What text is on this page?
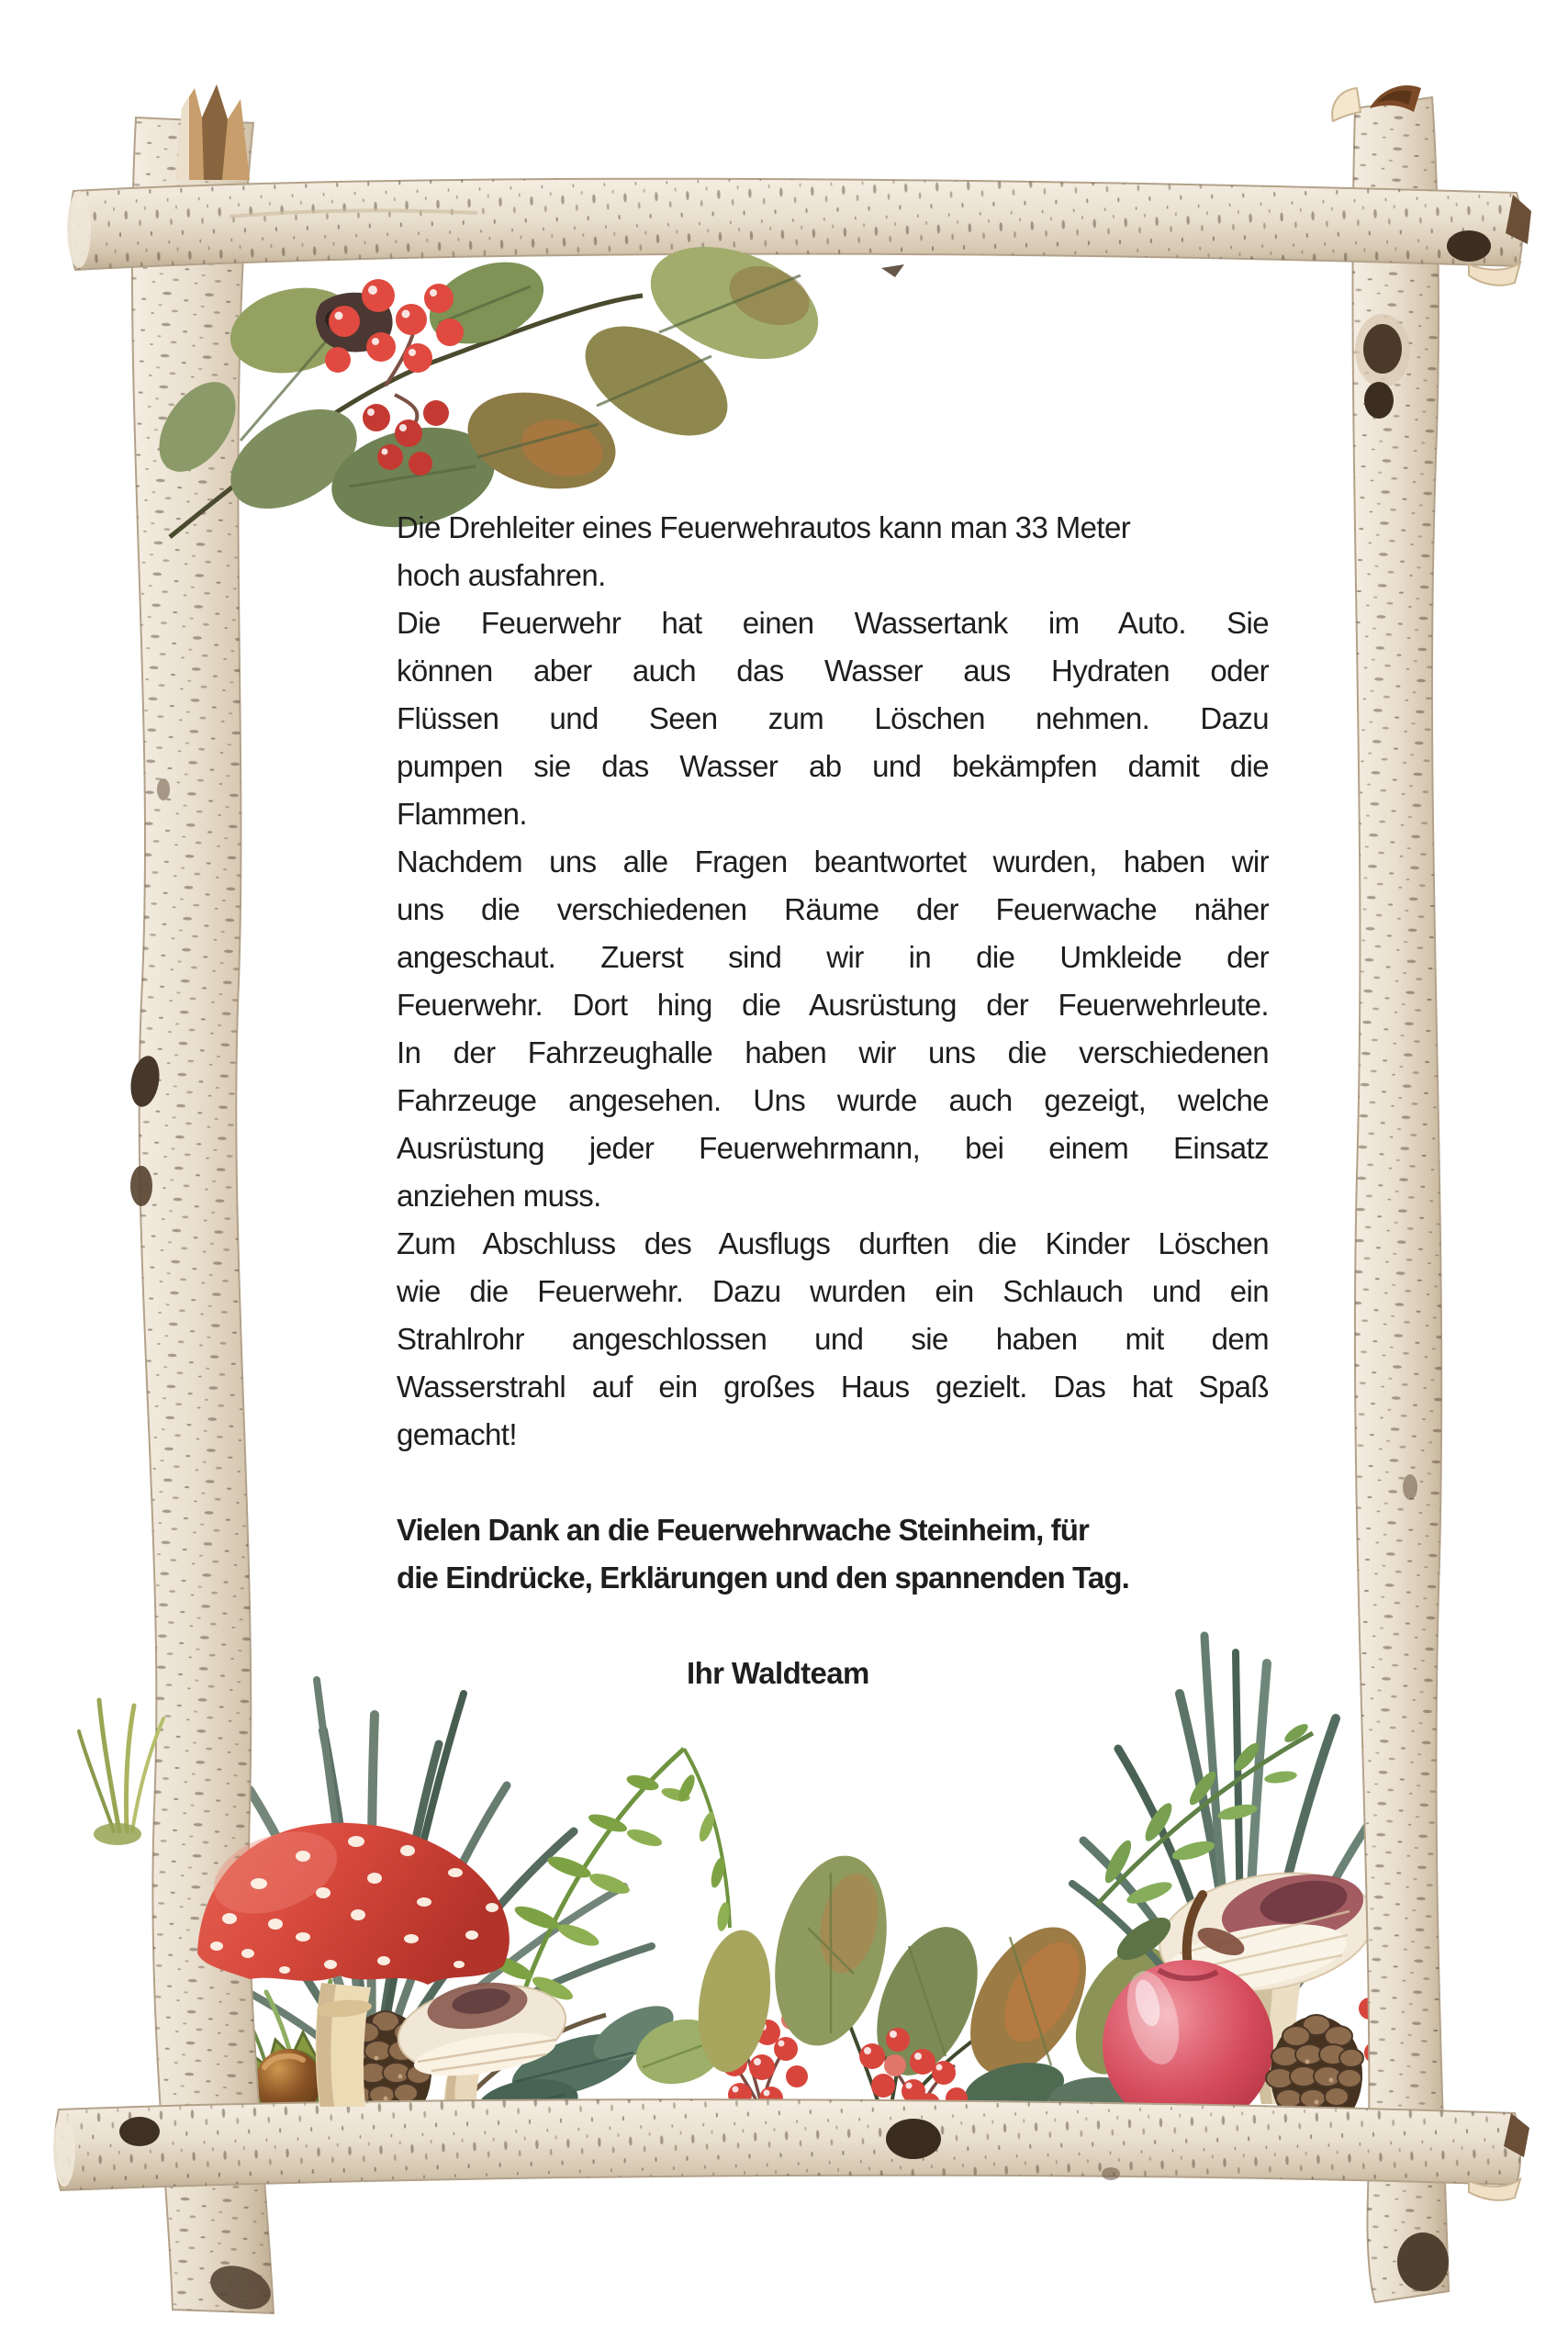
Die Drehleiter eines Feuerwehrautos kann man 33 Meter
hoch ausfahren.
Die Feuerwehr hat einen Wassertank im Auto. Sie
können aber auch das Wasser aus Hydraten oder
Flüssen und Seen zum Löschen nehmen. Dazu
pumpen sie das Wasser ab und bekämpfen damit die
Flammen.
Nachdem uns alle Fragen beantwortet wurden, haben wir
uns die verschiedenen Räume der Feuerwache näher
angeschaut. Zuerst sind wir in die Umkleide der
Feuerwehr. Dort hing die Ausrüstung der Feuerwehrleute.
In der Fahrzeughalle haben wir uns die verschiedenen
Fahrzeuge angesehen. Uns wurde auch gezeigt, welche
Ausrüstung jeder Feuerwehrmann, bei einem Einsatz
anziehen muss.
Zum Abschluss des Ausflugs durften die Kinder Löschen
wie die Feuerwehr. Dazu wurden ein Schlauch und ein
Strahlrohr angeschlossen und sie haben mit dem
Wasserstrahl auf ein großes Haus gezielt. Das hat Spaß
gemacht!
Vielen Dank an die Feuerwehrwache Steinheim, für
die Eindrücke, Erklärungen und den spannenden Tag.
Ihr Waldteam
